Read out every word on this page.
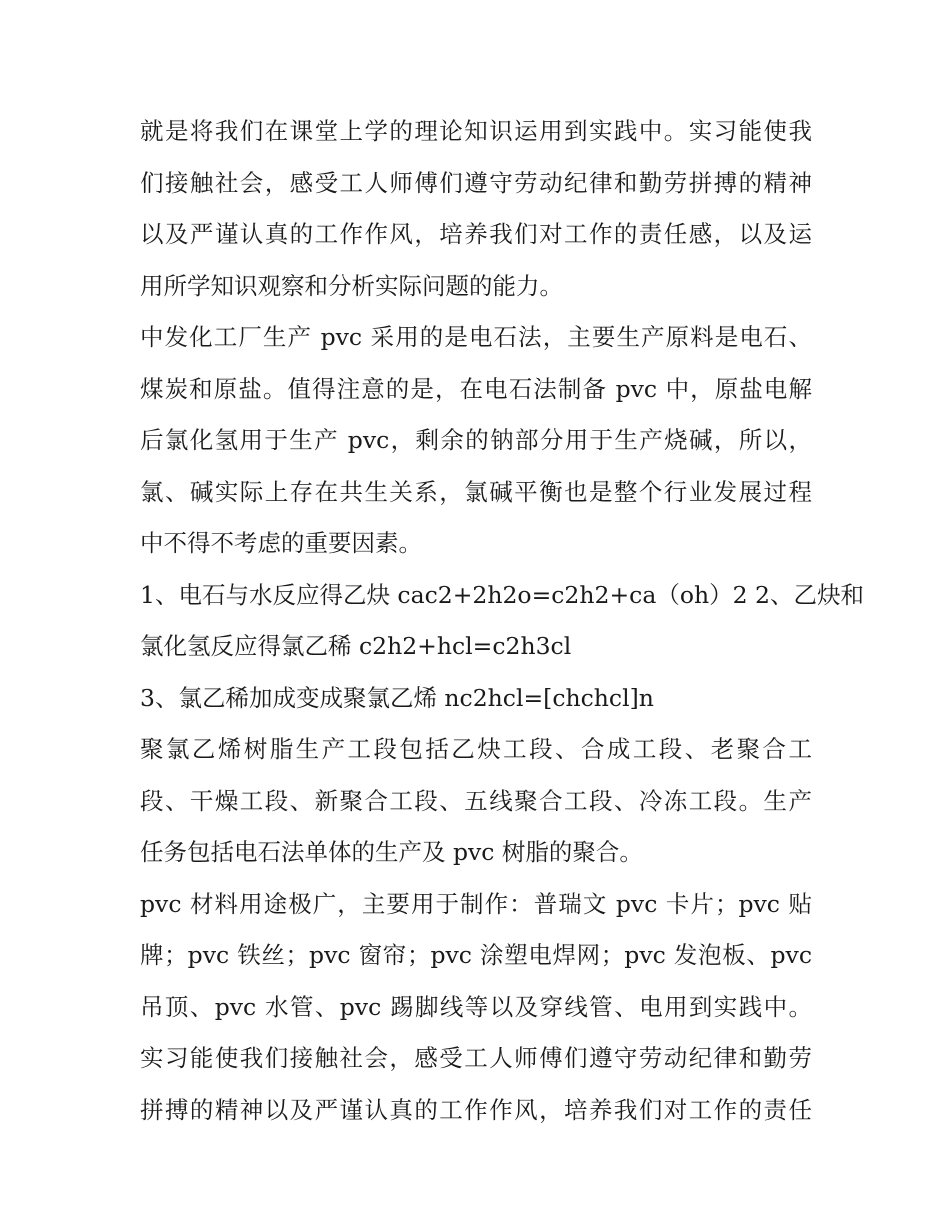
就是将我们在课堂上学的理论知识运用到实践中。实习能使我
们接触社会，感受工人师傅们遵守劳动纪律和勤劳拼搏的精神
以及严谨认真的工作作风，培养我们对工作的责任感，以及运
用所学知识观察和分析实际问题的能力。
中发化工厂生产 pvc 采用的是电石法，主要生产原料是电石、
煤炭和原盐。值得注意的是，在电石法制备 pvc 中，原盐电解
后氯化氢用于生产 pvc，剩余的钠部分用于生产烧碱，所以，
氯、碱实际上存在共生关系，氯碱平衡也是整个行业发展过程
中不得不考虑的重要因素。
1、电石与水反应得乙炔 cac2+2h2o=c2h2+ca（oh）2 2、乙炔和
氯化氢反应得氯乙稀 c2h2+hcl=c2h3cl
3、氯乙稀加成变成聚氯乙烯 nc2hcl=[chchcl]n
聚氯乙烯树脂生产工段包括乙炔工段、合成工段、老聚合工
段、干燥工段、新聚合工段、五线聚合工段、冷冻工段。生产
任务包括电石法单体的生产及 pvc 树脂的聚合。
pvc 材料用途极广，主要用于制作：普瑞文 pvc 卡片；pvc 贴
牌；pvc 铁丝；pvc 窗帘；pvc 涂塑电焊网；pvc 发泡板、pvc
吊顶、pvc 水管、pvc 踢脚线等以及穿线管、电用到实践中。
实习能使我们接触社会，感受工人师傅们遵守劳动纪律和勤劳
拼搏的精神以及严谨认真的工作作风，培养我们对工作的责任
